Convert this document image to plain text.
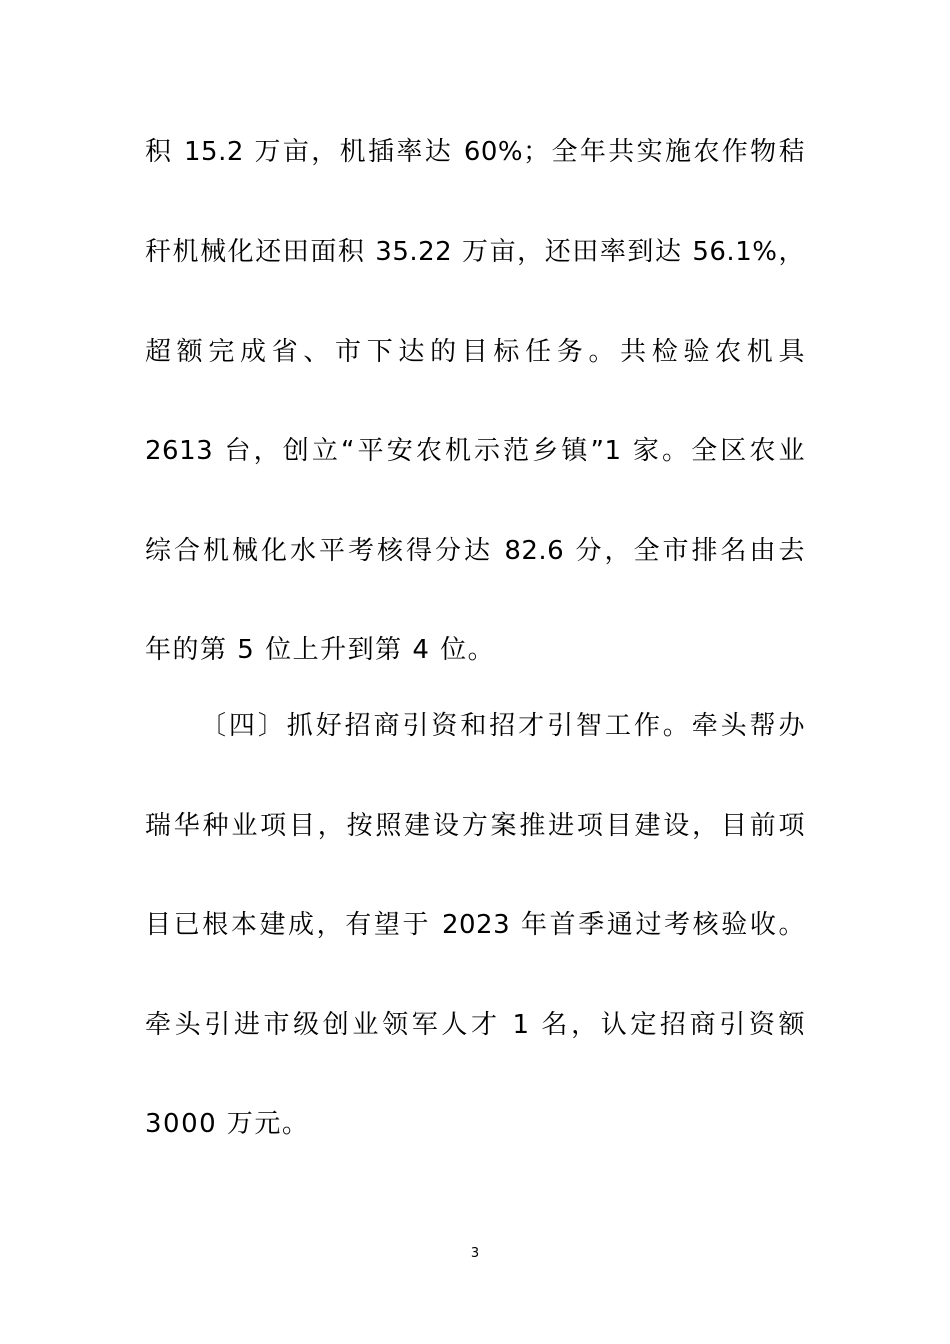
积 15.2 万亩，机插率达 60%；全年共实施农作物秸
秆机械化还田面积 35.22 万亩，还田率到达 56.1%，
超额完成省、市下达的目标任务。共检验农机具
2613 台，创立“平安农机示范乡镇”1 家。全区农业
综合机械化水平考核得分达 82.6 分，全市排名由去
年的第 5 位上升到第 4 位。
〔四〕抓好招商引资和招才引智工作。牵头帮办
瑞华种业项目，按照建设方案推进项目建设，目前项
目已根本建成，有望于 2023 年首季通过考核验收。
牵头引进市级创业领军人才 1 名，认定招商引资额
3000 万元。
3
